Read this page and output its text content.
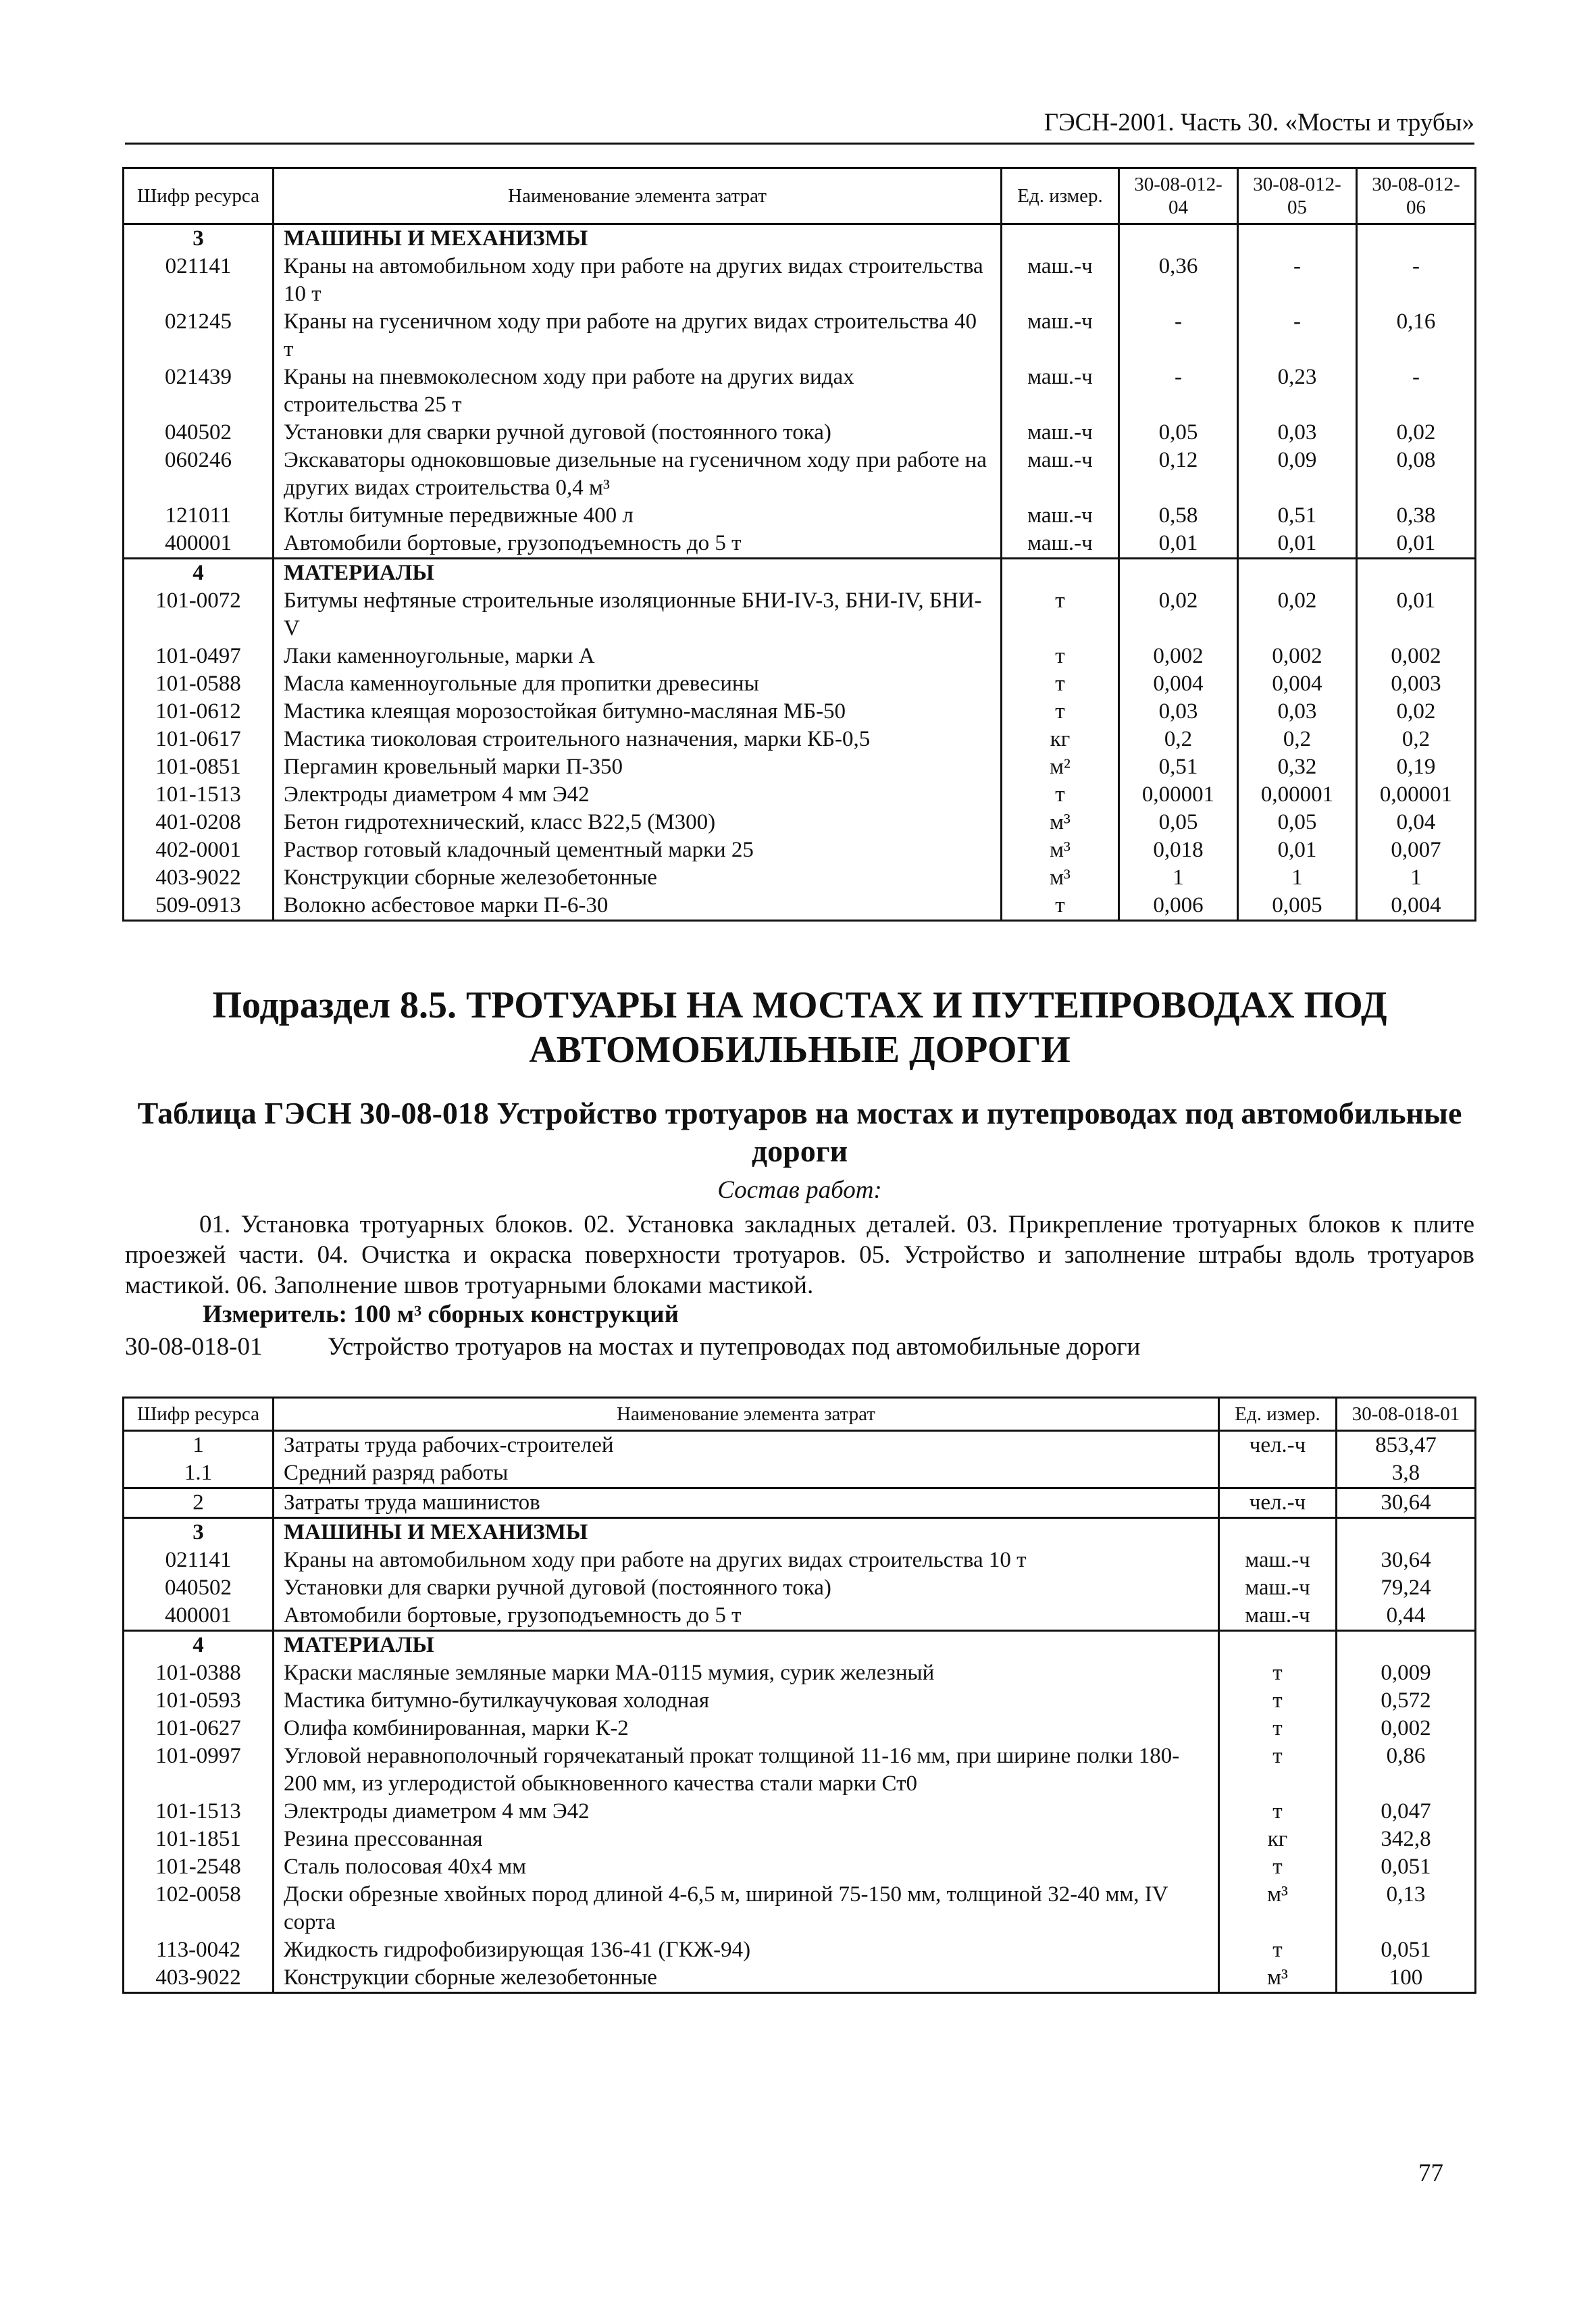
ГЭСН-2001. Часть 30. «Мосты и трубы»
Шифр ресурса	Наименование элемента затрат	Ед. измер.	30-08-012-04	30-08-012-05	30-08-012-06
3	МАШИНЫ И МЕХАНИЗМЫ				
021141	Краны на автомобильном ходу при работе на других видах строительства 10 т	маш.-ч	0,36	-	-
021245	Краны на гусеничном ходу при работе на других видах строительства 40 т	маш.-ч	-	-	0,16
021439	Краны на пневмоколесном ходу при работе на других видах строительства 25 т	маш.-ч	-	0,23	-
040502	Установки для сварки ручной дуговой (постоянного тока)	маш.-ч	0,05	0,03	0,02
060246	Экскаваторы одноковшовые дизельные на гусеничном ходу при работе на других видах строительства 0,4 м³	маш.-ч	0,12	0,09	0,08
121011	Котлы битумные передвижные 400 л	маш.-ч	0,58	0,51	0,38
400001	Автомобили бортовые, грузоподъемность до 5 т	маш.-ч	0,01	0,01	0,01
4	МАТЕРИАЛЫ				
101-0072	Битумы нефтяные строительные изоляционные БНИ-IV-3, БНИ-IV, БНИ-V	т	0,02	0,02	0,01
101-0497	Лаки каменноугольные, марки А	т	0,002	0,002	0,002
101-0588	Масла каменноугольные для пропитки древесины	т	0,004	0,004	0,003
101-0612	Мастика клеящая морозостойкая битумно-масляная МБ-50	т	0,03	0,03	0,02
101-0617	Мастика тиоколовая строительного назначения, марки КБ-0,5	кг	0,2	0,2	0,2
101-0851	Пергамин кровельный марки П-350	м²	0,51	0,32	0,19
101-1513	Электроды диаметром 4 мм Э42	т	0,00001	0,00001	0,00001
401-0208	Бетон гидротехнический, класс В22,5 (М300)	м³	0,05	0,05	0,04
402-0001	Раствор готовый кладочный цементный марки 25	м³	0,018	0,01	0,007
403-9022	Конструкции сборные железобетонные	м³	1	1	1
509-0913	Волокно асбестовое марки П-6-30	т	0,006	0,005	0,004
Подраздел 8.5. ТРОТУАРЫ НА МОСТАХ И ПУТЕПРОВОДАХ ПОД АВТОМОБИЛЬНЫЕ ДОРОГИ
Таблица ГЭСН 30-08-018 Устройство тротуаров на мостах и путепроводах под автомобильные дороги
Состав работ:
01. Установка тротуарных блоков. 02. Установка закладных деталей. 03. Прикрепление тротуарных блоков к плите проезжей части. 04. Очистка и окраска поверхности тротуаров. 05. Устройство и заполнение штрабы вдоль тротуаров мастикой. 06. Заполнение швов тротуарными блоками мастикой.
Измеритель: 100 м³ сборных конструкций
30-08-018-01	Устройство тротуаров на мостах и путепроводах под автомобильные дороги
Шифр ресурса	Наименование элемента затрат	Ед. измер.	30-08-018-01
1	Затраты труда рабочих-строителей	чел.-ч	853,47
1.1	Средний разряд работы		3,8
2	Затраты труда машинистов	чел.-ч	30,64
3	МАШИНЫ И МЕХАНИЗМЫ		
021141	Краны на автомобильном ходу при работе на других видах строительства 10 т	маш.-ч	30,64
040502	Установки для сварки ручной дуговой (постоянного тока)	маш.-ч	79,24
400001	Автомобили бортовые, грузоподъемность до 5 т	маш.-ч	0,44
4	МАТЕРИАЛЫ		
101-0388	Краски масляные земляные марки МА-0115 мумия, сурик железный	т	0,009
101-0593	Мастика битумно-бутилкаучуковая холодная	т	0,572
101-0627	Олифа комбинированная, марки К-2	т	0,002
101-0997	Угловой неравнополочный горячекатаный прокат толщиной 11-16 мм, при ширине полки 180-200 мм, из углеродистой обыкновенного качества стали марки Ст0	т	0,86
101-1513	Электроды диаметром 4 мм Э42	т	0,047
101-1851	Резина прессованная	кг	342,8
101-2548	Сталь полосовая 40х4 мм	т	0,051
102-0058	Доски обрезные хвойных пород длиной 4-6,5 м, шириной 75-150 мм, толщиной 32-40 мм, IV сорта	м³	0,13
113-0042	Жидкость гидрофобизирующая 136-41 (ГКЖ-94)	т	0,051
403-9022	Конструкции сборные железобетонные	м³	100
77
